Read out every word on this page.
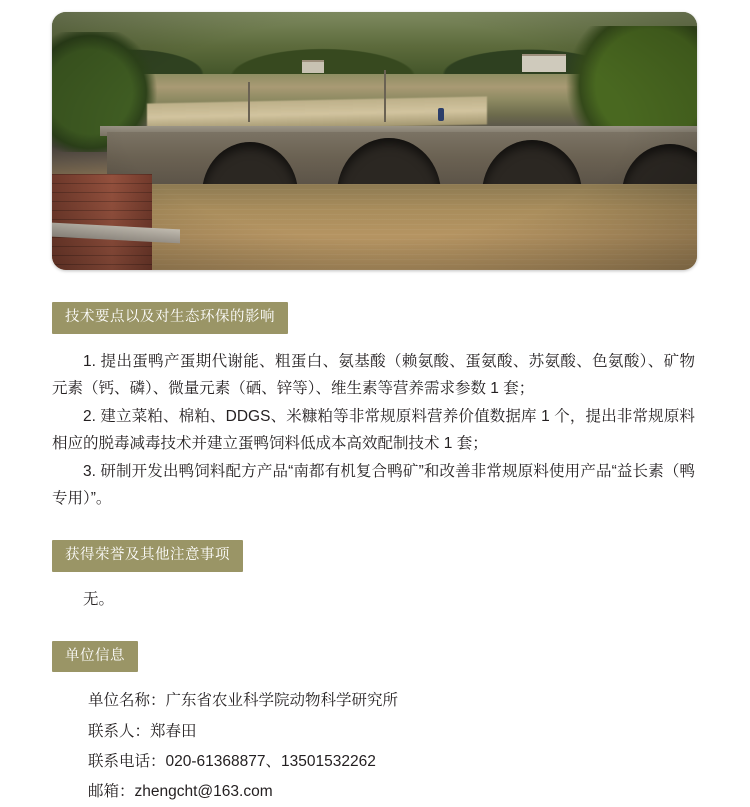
技术要点以及对生态环保的影响

1. 提出蛋鸭产蛋期代谢能、粗蛋白、氨基酸（赖氨酸、蛋氨酸、苏氨酸、色氨酸）、矿物元素（钙、磷）、微量元素（硒、锌等）、维生素等营养需求参数 1 套；

2. 建立菜粕、棉粕、DDGS、米糠粕等非常规原料营养价值数据库 1 个，提出非常规原料相应的脱毒减毒技术并建立蛋鸭饲料低成本高效配制技术 1 套；

3. 研制开发出鸭饲料配方产品“南都有机复合鸭矿”和改善非常规原料使用产品“益长素（鸭专用）”。

获得荣誉及其他注意事项

无。

单位信息
单位名称：广东省农业科学院动物科学研究所
联系人：郑春田
联系电话：020-61368877、13501532262
邮箱：zhengcht@163.com
